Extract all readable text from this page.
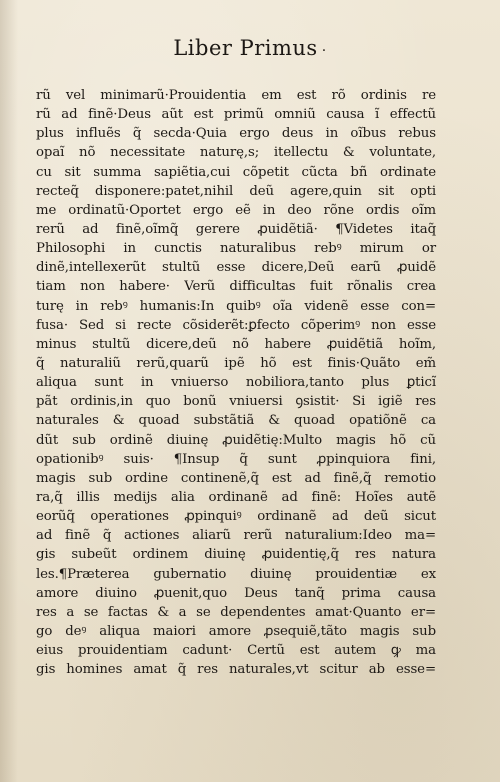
Liber Primus ·
rũ vel minimarũ·Prouidentia em est rõ ordinis re
rũ ad finẽ·Deus aũt est primũ omniũ causa ĩ effectũ
plus influẽs q̃ secda·Quia ergo deus in oĩbus rebus
opaĩ nõ necessitate naturę,s; itellectu & voluntate,
cu sit summa sapiẽtia,cui cõpetit cũcta bñ ordinate
recteq̃ disponere:patet,nihil deũ agere,quin sit opti
me ordinatũ·Oportet ergo eẽ in deo rõne ordis oĩm
rerũ ad finẽ,oĩmq̃ gerere ꝓuidẽtiã· ¶Videtes itaq̃
Philosophi in cunctis naturalibus rebꝰ mirum or
dinẽ,intellexerũt stultũ esse dicere,Deũ earũ ꝓuidẽ
tiam non habere· Verũ difficultas fuit rõnalis crea
turę in rebꝰ humanis:In quibꝰ oĩa videnẽ esse con=
fusa· Sed si recte cõsiderẽt:ꝑfecto cõperimꝰ non esse
minus stultũ dicere,deũ nõ habere ꝓuidẽtiã hoĩm,
q̃ naturaliũ rerũ,quarũ ipẽ hõ est finis·Quãto em̃
aliqua sunt in vniuerso nobiliora,tanto plus ꝑticĩ
pãt ordinis,in quo bonũ vniuersi ꝯsistit· Si igiẽ res
naturales & quoad substãtiã & quoad opatiõnẽ ca
dũt sub ordinẽ diuinę ꝓuidẽtię:Multo magis hõ cũ
opationibꝰ suis· ¶Insup q̃ sunt ꝓpinquiora fini,
magis sub ordine continenẽ,q̃ est ad finẽ,q̃ remotio
ra,q̃ illis medijs alia ordinanẽ ad finẽ: Hoĩes autẽ
eorũq̃ operationes ꝓpinquiꝰ ordinanẽ ad deũ sicut
ad finẽ q̃ actiones aliarũ rerũ naturalium:Ideo ma=
gis subeũt ordinem diuinę ꝓuidentię,q̃ res natura
les.¶Præterea gubernatio diuinę prouidentiæ ex
amore diuino ꝓuenit,quo Deus tanq̃ prima causa
res a se factas & a se dependentes amat·Quanto er=
go deꝰ aliqua maiori amore ꝓsequiẽ,tãto magis sub
eius prouidentiam cadunt· Certũ est autem ꝙ ma
gis homines amat q̃ res naturales,vt scitur ab esse=
